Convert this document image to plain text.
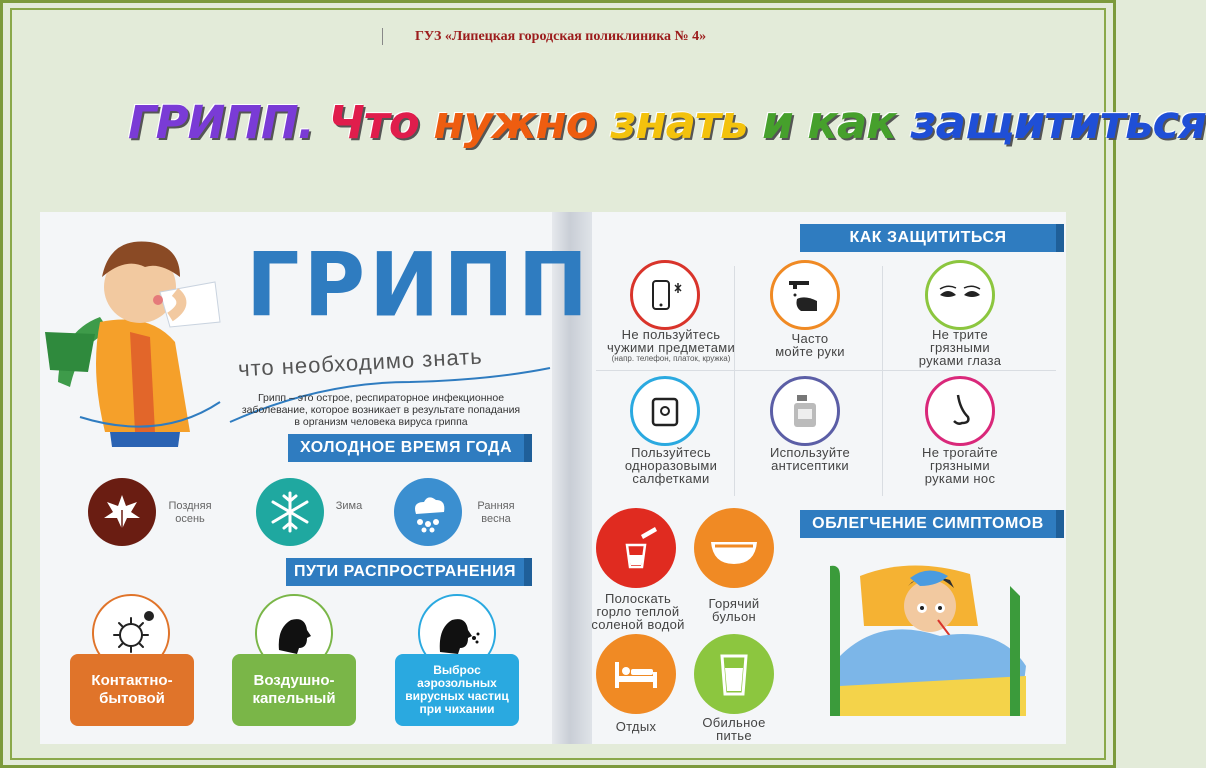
ГУЗ «Липецкая городская поликлиника № 4»
ГРИПП. Что нужно знать и как защититься
ГРИПП
что необходимо знать
Грипп – это острое, респираторное инфекционное заболевание, которое возникает в результате попадания в организм человека вируса гриппа
ХОЛОДНОЕ ВРЕМЯ ГОДА
Поздняя
осень
Зима	Ранняя
весна
ПУТИ РАСПРОСТРАНЕНИЯ
Контактно-
бытовой
Воздушно-
капельный
Выброс
аэрозольных
вирусных частиц
при чихании
КАК ЗАЩИТИТЬСЯ
Не пользуйтесь
чужими предметами
(напр. телефон, платок, кружка)
Часто
мойте руки
Не трите
грязными
руками глаза
Пользуйтесь
одноразовыми
салфетками
Используйте
антисептики
Не трогайте
грязными
руками нос
ОБЛЕГЧЕНИЕ СИМПТОМОВ
Полоскать
горло теплой
соленой водой
Горячий
бульон
Отдых	Обильное
питье
